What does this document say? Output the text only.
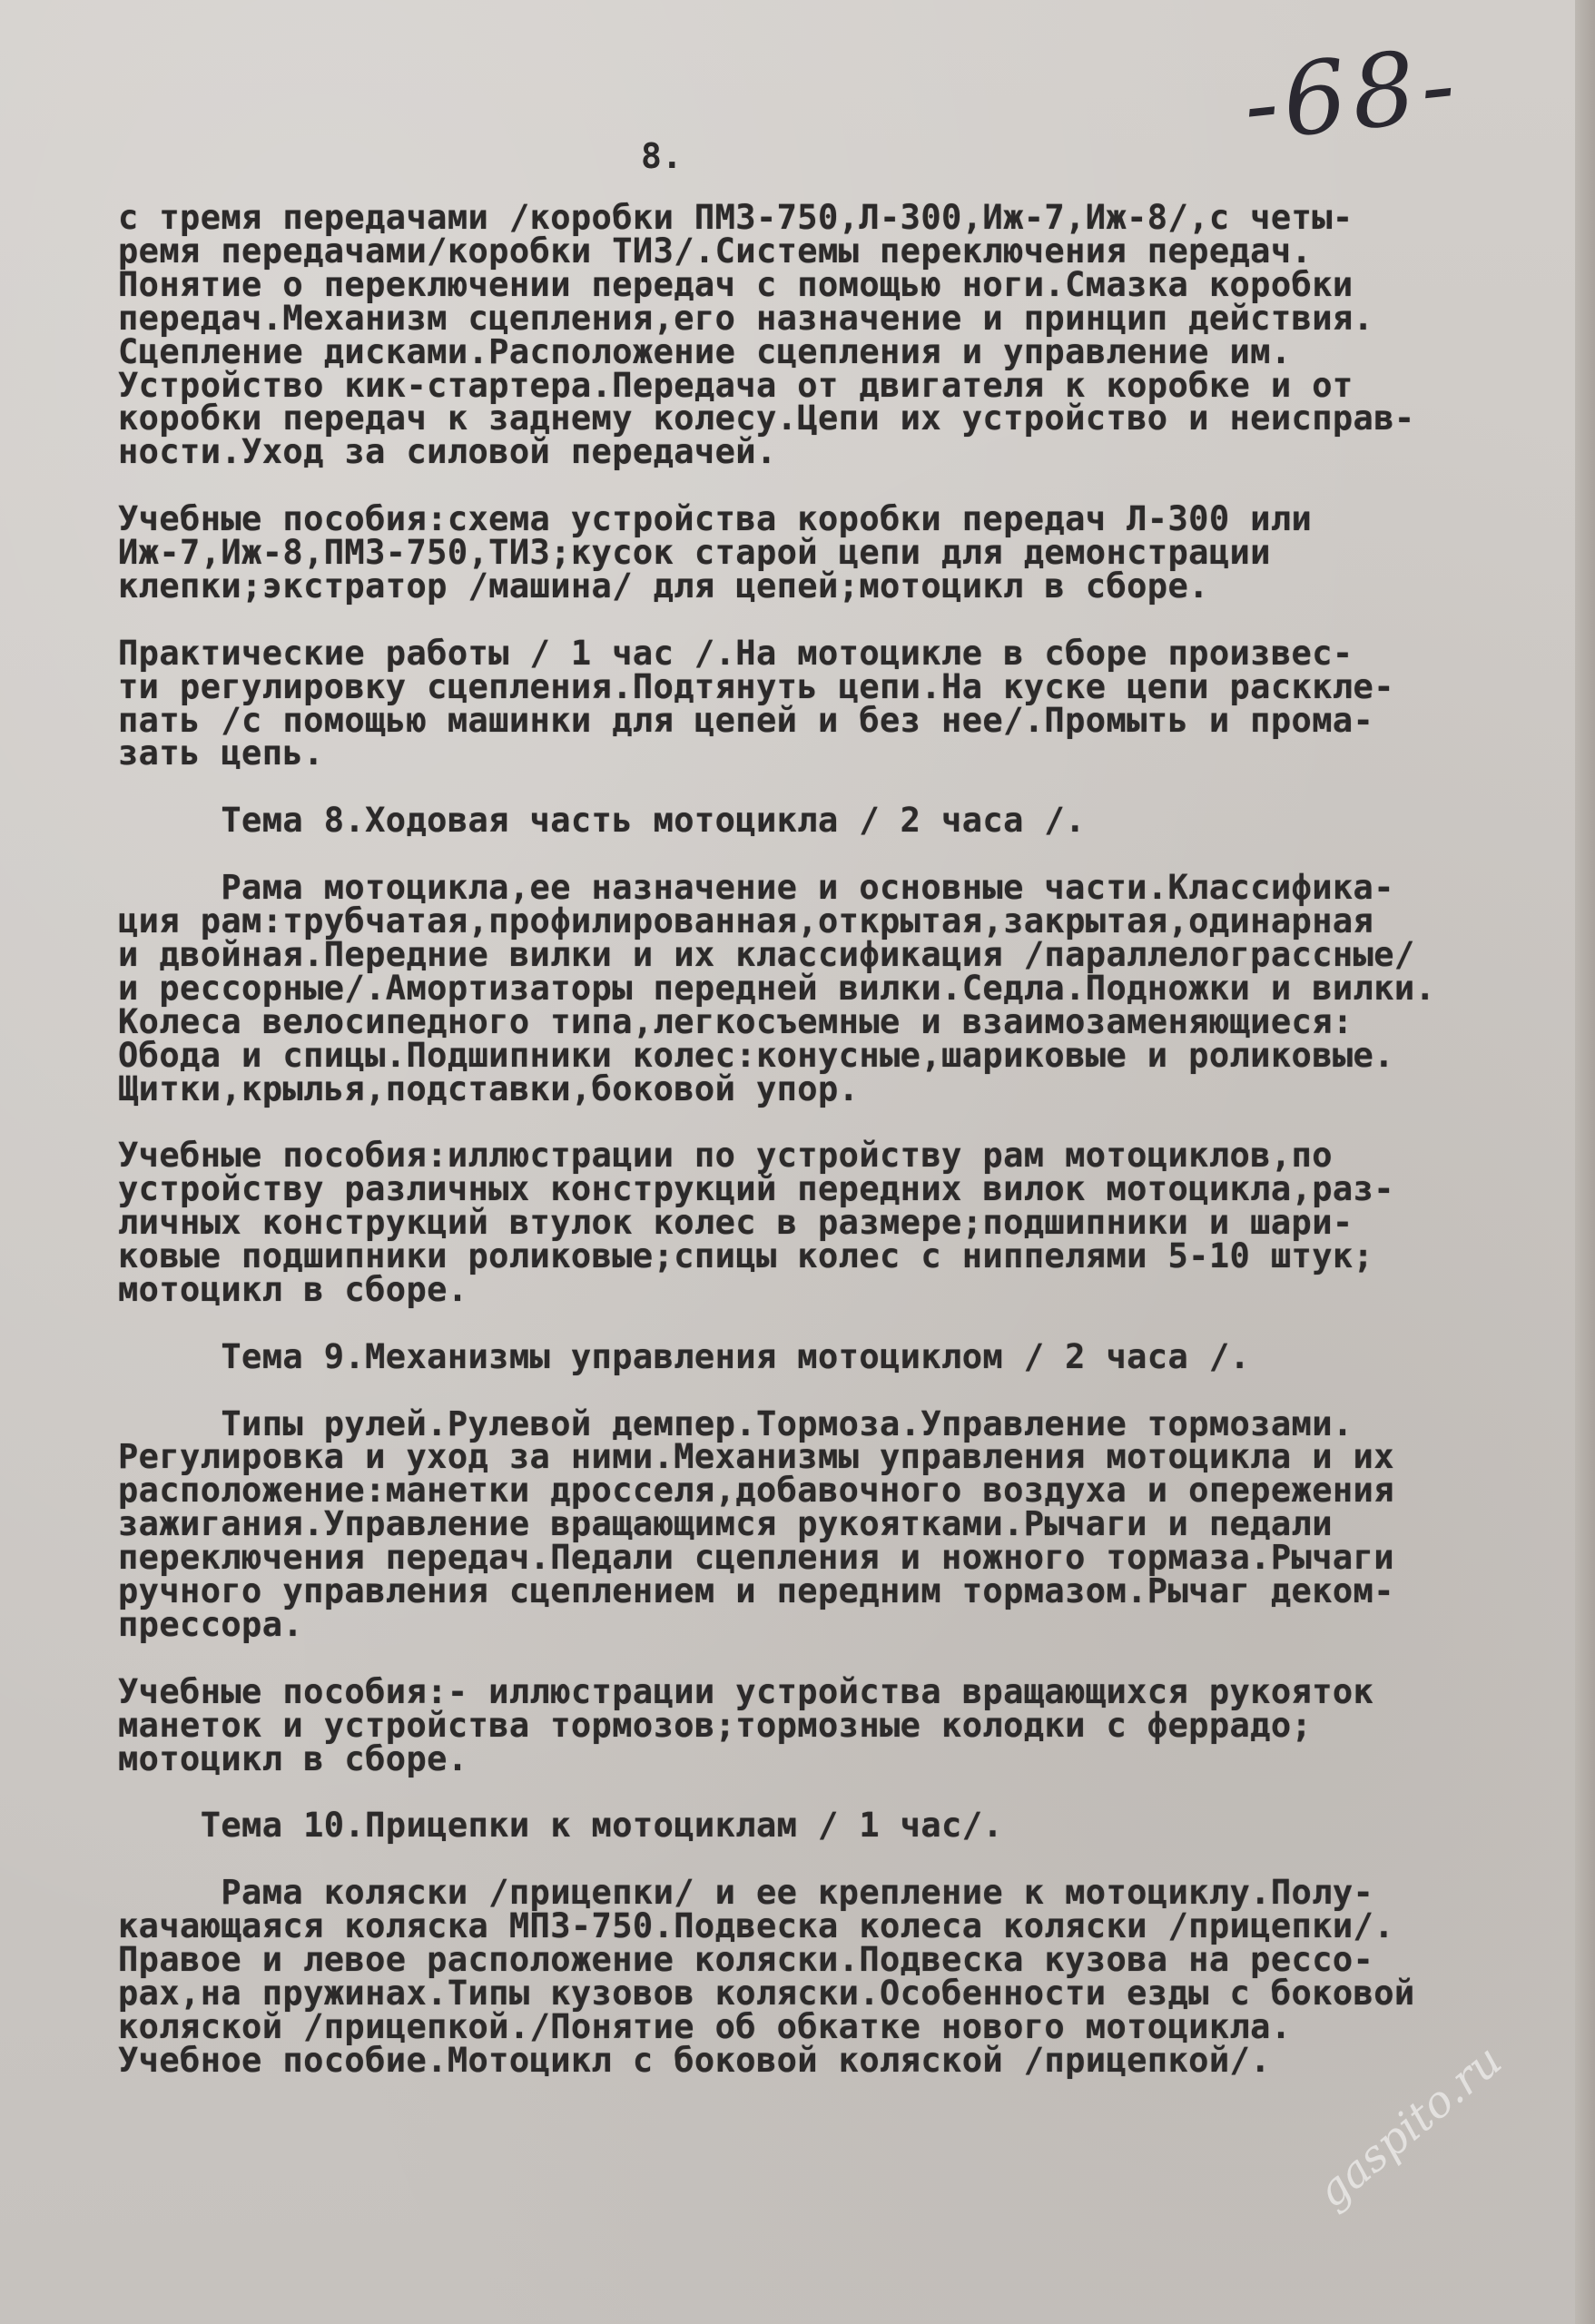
-68-
8.
с тремя передачами /коробки ПМЗ-750,Л-300,Иж-7,Иж-8/,с четы-
ремя передачами/коробки ТИЗ/.Системы переключения передач.
Понятие о переключении передач с помощью ноги.Смазка коробки
передач.Механизм сцепления,его назначение и принцип действия.
Сцепление дисками.Расположение сцепления и управление им.
Устройство кик-стартера.Передача от двигателя к коробке и от
коробки передач к заднему колесу.Цепи их устройство и неисправ-
ности.Уход за силовой передачей.
Учебные пособия:схема устройства коробки передач Л-300 или
Иж-7,Иж-8,ПМЗ-750,ТИЗ;кусок старой цепи для демонстрации
клепки;экстратор /машина/ для цепей;мотоцикл в сборе.
Практические работы / 1 час /.На мотоцикле в сборе произвес-
ти регулировку сцепления.Подтянуть цепи.На куске цепи расккле-
пать /с помощью машинки для цепей и без нее/.Промыть и прома-
зать цепь.
Тема 8.Ходовая часть мотоцикла / 2 часа /.
Рама мотоцикла,ее назначение и основные части.Классифика-
ция рам:трубчатая,профилированная,открытая,закрытая,одинарная
и двойная.Передние вилки и их классификация /параллелограссные/
и рессорные/.Амортизаторы передней вилки.Седла.Подножки и вилки.
Колеса велосипедного типа,легкосъемные и взаимозаменяющиеся:
Обода и спицы.Подшипники колес:конусные,шариковые и роликовые.
Щитки,крылья,подставки,боковой упор.
Учебные пособия:иллюстрации по устройству рам мотоциклов,по
устройству различных конструкций передних вилок мотоцикла,раз-
личных конструкций втулок колес в размере;подшипники и шари-
ковые подшипники роликовые;спицы колес с ниппелями 5-10 штук;
мотоцикл в сборе.
Тема 9.Механизмы управления мотоциклом / 2 часа /.
Типы рулей.Рулевой демпер.Тормоза.Управление тормозами.
Регулировка и уход за ними.Механизмы управления мотоцикла и их
расположение:манетки дросселя,добавочного воздуха и опережения
зажигания.Управление вращающимся рукоятками.Рычаги и педали
переключения передач.Педали сцепления и ножного тормаза.Рычаги
ручного управления сцеплением и передним тормазом.Рычаг деком-
прессора.
Учебные пособия:- иллюстрации устройства вращающихся рукояток
манеток и устройства тормозов;тормозные колодки с феррадо;
мотоцикл в сборе.
Тема 10.Прицепки к мотоциклам / 1 час/.
Рама коляски /прицепки/ и ее крепление к мотоциклу.Полу-
качающаяся коляска МПЗ-750.Подвеска колеса коляски /прицепки/.
Правое и левое расположение коляски.Подвеска кузова на рессо-
рах,на пружинах.Типы кузовов коляски.Особенности езды с боковой
коляской /прицепкой./Понятие об обкатке нового мотоцикла.
Учебное пособие.Мотоцикл с боковой коляской /прицепкой/. gaspito.ru
